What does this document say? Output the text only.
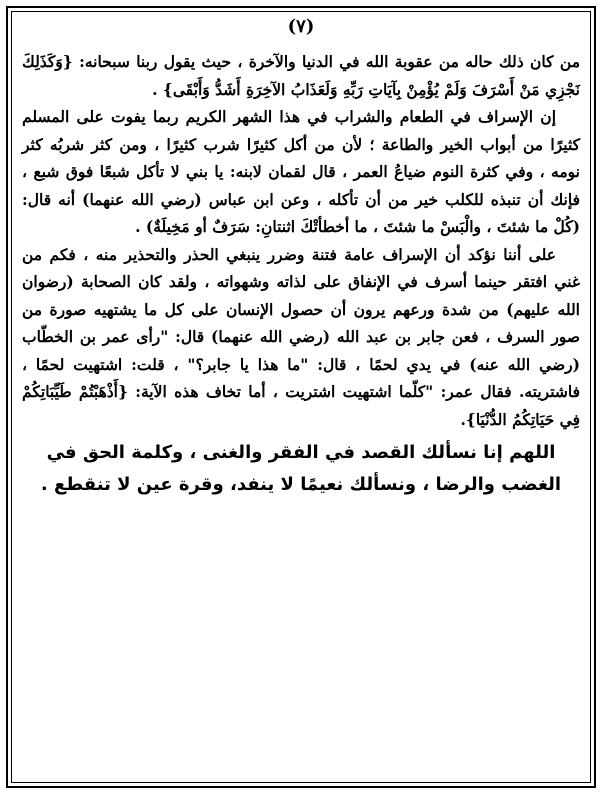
(٧)

من كان ذلك حاله من عقوبة الله في الدنيا والآخرة ، حيث يقول ربنا سبحانه: {وَكَذَلِكَ نَجْزِي مَنْ أَسْرَفَ وَلَمْ يُؤْمِنْ بِآيَاتِ رَبِّهِ وَلَعَذَابُ الآخِرَةِ أَشَدُّ وَأَبْقَى} .

إن الإسراف في الطعام والشراب في هذا الشهر الكريم ربما يفوت على المسلم كثيرًا من أبواب الخير والطاعة ؛ لأن من أكل كثيرًا شرب كثيرًا ، ومن كثر شربُه كثر نومه ، وفي كثرة النوم ضياعُ العمر ، قال لقمان لابنه: يا بني لا تأكل شبعًا فوق شبع ، فإنك أن تنبذه للكلب خير من أن تأكله ، وعن ابن عباس (رضي الله عنهما) أنه قال: (كُلْ ما شئتَ ، والْبَسْ ما شئتَ ، ما أخطأتْكَ اثنتانِ: سَرَفٌ أو مَخِيلَةٌ) .

على أننا نؤكد أن الإسراف عامة فتنة وضرر ينبغي الحذر والتحذير منه ، فكم من غني افتقر حينما أسرف في الإنفاق على لذاته وشهواته ، ولقد كان الصحابة (رضوان الله عليهم) من شدة ورعهم يرون أن حصول الإنسان على كل ما يشتهيه صورة من صور السرف ، فعن جابر بن عبد الله (رضي الله عنهما) قال: "رأى عمر بن الخطّاب (رضي الله عنه) في يدي لحمًا ، قال: "ما هذا يا جابر؟" ، قلت: اشتهيت لحمًا ، فاشتريته. فقال عمر: "كلّما اشتهيت اشتريت ، أما تخاف هذه الآية: {أَذْهَبْتُمْ طَيِّبَاتِكُمْ فِي حَيَاتِكُمُ الدُّنْيَا}.

اللهم إنا نسألك القصد في الفقر والغنى ، وكلمة الحق في الغضب والرضا ، ونسألك نعيمًا لا ينفد، وقرة عين لا تنقطع .
